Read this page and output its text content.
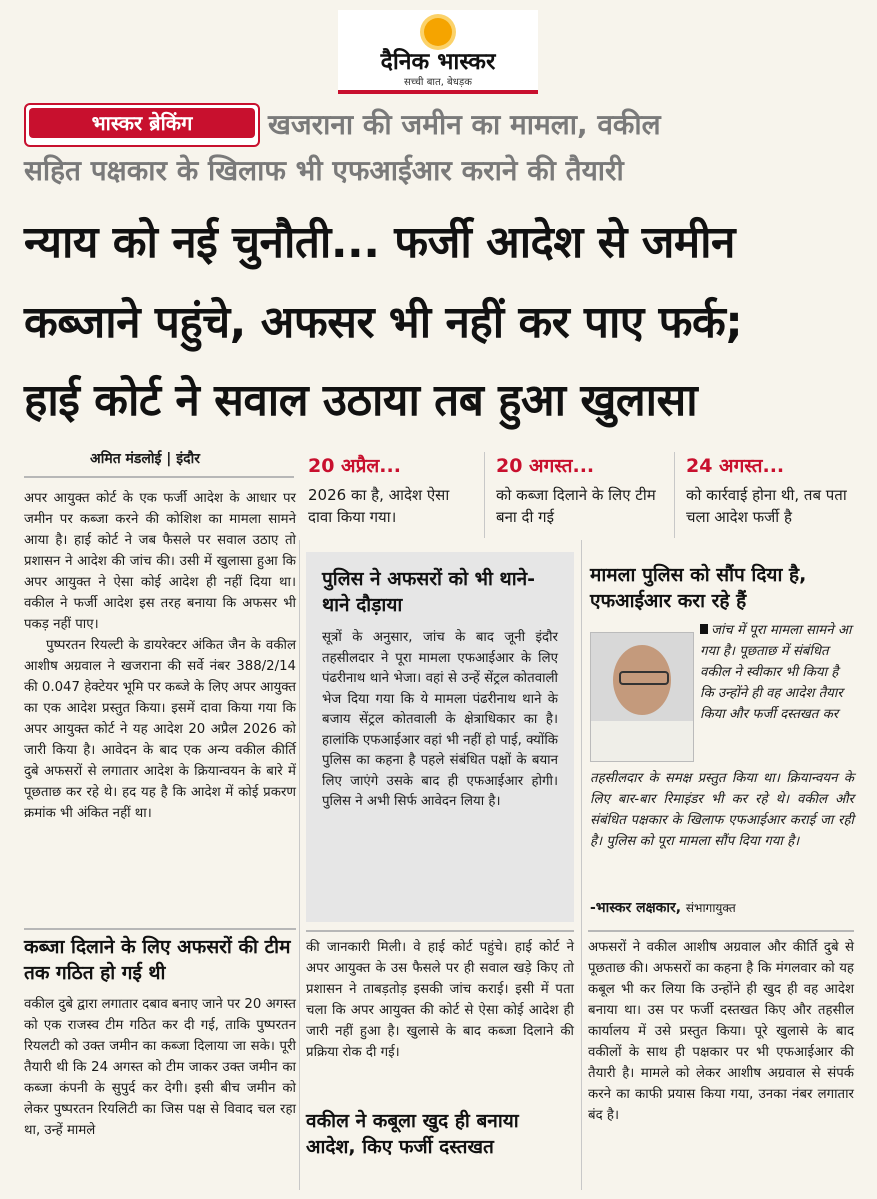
दैनिक भास्कर
सच्ची बात, बेधड़क
भास्कर ब्रेकिंग	खजराना की जमीन का मामला, वकील
सहित पक्षकार के खिलाफ भी एफआईआर कराने की तैयारी
न्याय को नई चुनौती... फर्जी आदेश से जमीन
कब्जाने पहुंचे, अफसर भी नहीं कर पाए फर्क;
हाई कोर्ट ने सवाल उठाया तब हुआ खुलासा
अमित मंडलोई | इंदौर	20 अप्रैल...
2026 का है, आदेश ऐसा दावा किया गया।
20 अगस्त...
को कब्जा दिलाने के लिए टीम बना दी गई
24 अगस्त...
को कार्रवाई होना थी, तब पता चला आदेश फर्जी है

अपर आयुक्त कोर्ट के एक फर्जी आदेश के आधार पर जमीन पर कब्जा करने की कोशिश का मामला सामने आया है। हाई कोर्ट ने जब फैसले पर सवाल उठाए तो प्रशासन ने आदेश की जांच की। उसी में खुलासा हुआ कि अपर आयुक्त ने ऐसा कोई आदेश ही नहीं दिया था। वकील ने फर्जी आदेश इस तरह बनाया कि अफसर भी पकड़ नहीं पाए।

पुष्परतन रियल्टी के डायरेक्टर अंकित जैन के वकील आशीष अग्रवाल ने खजराना की सर्वे नंबर 388/2/14 की 0.047 हेक्टेयर भूमि पर कब्जे के लिए अपर आयुक्त का एक आदेश प्रस्तुत किया। इसमें दावा किया गया कि अपर आयुक्त कोर्ट ने यह आदेश 20 अप्रैल 2026 को जारी किया है। आवेदन के बाद एक अन्य वकील कीर्ति दुबे अफसरों से लगातार आदेश के क्रियान्वयन के बारे में पूछताछ कर रहे थे। हद यह है कि आदेश में कोई प्रकरण क्रमांक भी अंकित नहीं था।

कब्जा दिलाने के लिए अफसरों की टीम तक गठित हो गई थी

वकील दुबे द्वारा लगातार दबाव बनाए जाने पर 20 अगस्त को एक राजस्व टीम गठित कर दी गई, ताकि पुष्परतन रियलटी को उक्त जमीन का कब्जा दिलाया जा सके। पूरी तैयारी थी कि 24 अगस्त को टीम जाकर उक्त जमीन का कब्जा कंपनी के सुपुर्द कर देगी। इसी बीच जमीन को लेकर पुष्परतन रियलिटी का जिस पक्ष से विवाद चल रहा था, उन्हें मामले

पुलिस ने अफसरों को भी थाने-थाने दौड़ाया
सूत्रों के अनुसार, जांच के बाद जूनी इंदौर तहसीलदार ने पूरा मामला एफआईआर के लिए पंढरीनाथ थाने भेजा। वहां से उन्हें सेंट्रल कोतवाली भेज दिया गया कि ये मामला पंढरीनाथ थाने के बजाय सेंट्रल कोतवाली के क्षेत्राधिकार का है। हालांकि एफआईआर वहां भी नहीं हो पाई, क्योंकि पुलिस का कहना है पहले संबंधित पक्षों के बयान लिए जाएंगे उसके बाद ही एफआईआर होगी। पुलिस ने अभी सिर्फ आवेदन लिया है।
मामला पुलिस को सौंप दिया है, एफआईआर करा रहे हैं
जांच में पूरा मामला सामने आ गया है। पूछताछ में संबंधित वकील ने स्वीकार भी किया है कि उन्होंने ही वह आदेश तैयार किया और फर्जी दस्तखत कर
तहसीलदार के समक्ष प्रस्तुत किया था। क्रियान्वयन के लिए बार-बार रिमाइंडर भी कर रहे थे। वकील और संबंधित पक्षकार के खिलाफ एफआईआर कराई जा रही है। पुलिस को पूरा मामला सौंप दिया गया है।
-भास्कर लक्षकार, संभागायुक्त

की जानकारी मिली। वे हाई कोर्ट पहुंचे। हाई कोर्ट ने अपर आयुक्त के उस फैसले पर ही सवाल खड़े किए तो प्रशासन ने ताबड़तोड़ इसकी जांच कराई। इसी में पता चला कि अपर आयुक्त की कोर्ट से ऐसा कोई आदेश ही जारी नहीं हुआ है। खुलासे के बाद कब्जा दिलाने की प्रक्रिया रोक दी गई।

वकील ने कबूला खुद ही बनाया आदेश, किए फर्जी दस्तखत

अफसरों ने वकील आशीष अग्रवाल और कीर्ति दुबे से पूछताछ की। अफसरों का कहना है कि मंगलवार को यह कबूल भी कर लिया कि उन्होंने ही खुद ही वह आदेश बनाया था। उस पर फर्जी दस्तखत किए और तहसील कार्यालय में उसे प्रस्तुत किया। पूरे खुलासे के बाद वकीलों के साथ ही पक्षकार पर भी एफआईआर की तैयारी है। मामले को लेकर आशीष अग्रवाल से संपर्क करने का काफी प्रयास किया गया, उनका नंबर लगातार बंद है।
